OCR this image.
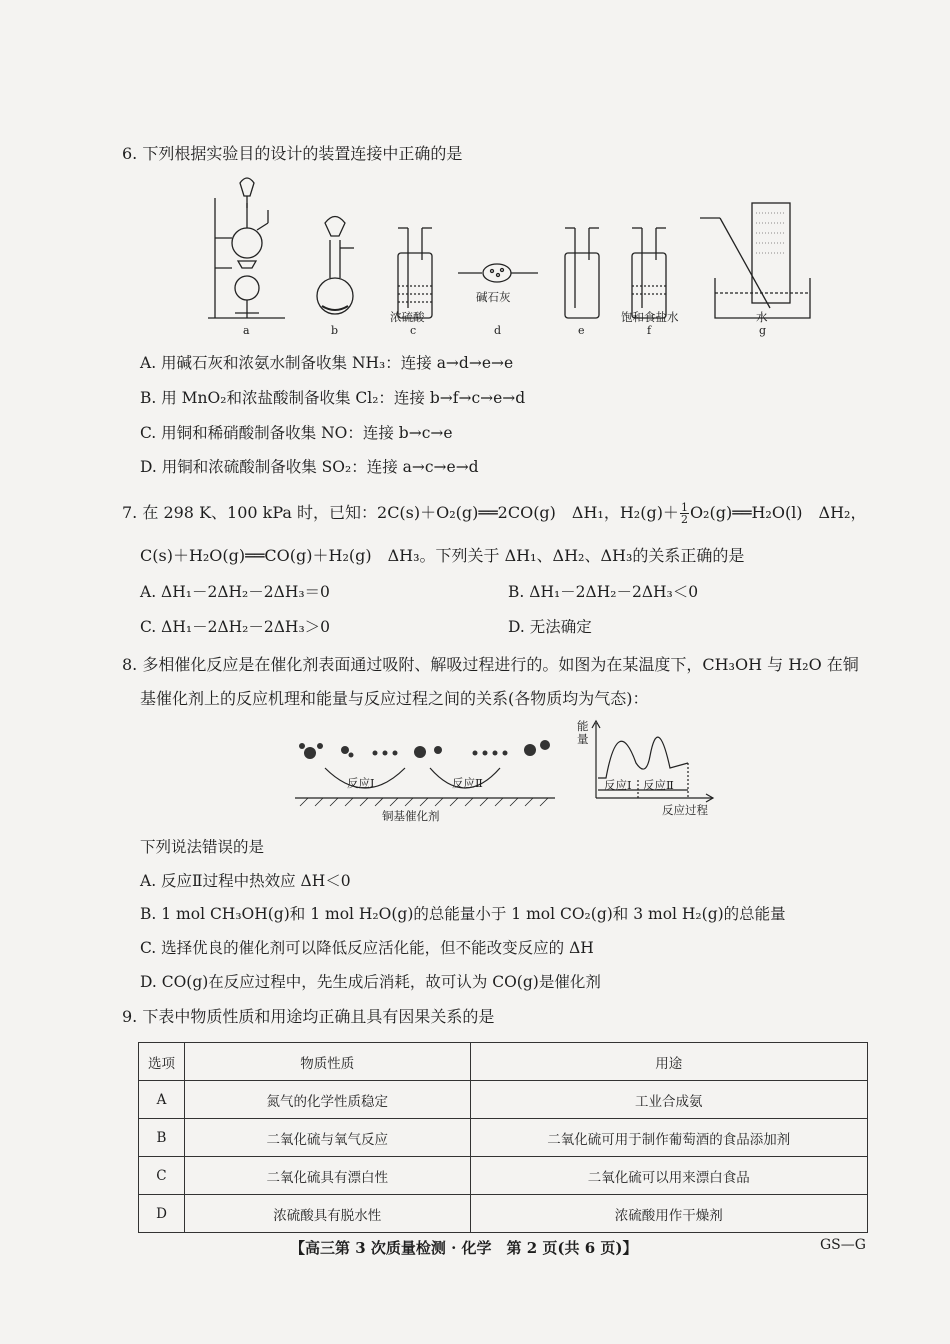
6. 下列根据实验目的设计的装置连接中正确的是
浓硫酸
碱石灰
饱和食盐水	水
a	b	c	d	e	f	g
A. 用碱石灰和浓氨水制备收集 NH₃：连接 a→d→e→e
B. 用 MnO₂和浓盐酸制备收集 Cl₂：连接 b→f→c→e→d
C. 用铜和稀硝酸制备收集 NO：连接 b→c→e
D. 用铜和浓硫酸制备收集 SO₂：连接 a→c→e→d
7. 在 298 K、100 kPa 时，已知：2C(s)＋O₂(g)══2CO(g)　ΔH₁，$H_2(g)+ \frac{1}{2}$ O₂(g)══H₂O(l)　ΔH₂，
C(s)＋H₂O(g)══CO(g)＋H₂(g)　ΔH₃。下列关于 ΔH₁、ΔH₂、ΔH₃的关系正确的是
A. ΔH₁－2ΔH₂－2ΔH₃＝0	B. ΔH₁－2ΔH₂－2ΔH₃＜0
C. ΔH₁－2ΔH₂－2ΔH₃＞0	D. 无法确定
8. 多相催化反应是在催化剂表面通过吸附、解吸过程进行的。如图为在某温度下，CH₃OH 与 H₂O 在铜
基催化剂上的反应机理和能量与反应过程之间的关系(各物质均为气态)：
反应Ⅰ	反应Ⅱ
铜基催化剂
能量
反应Ⅰ 反应Ⅱ
反应过程
下列说法错误的是
A. 反应Ⅱ过程中热效应 ΔH＜0
B. 1 mol CH₃OH(g)和 1 mol H₂O(g)的总能量小于 1 mol CO₂(g)和 3 mol H₂(g)的总能量
C. 选择优良的催化剂可以降低反应活化能，但不能改变反应的 ΔH
D. CO(g)在反应过程中，先生成后消耗，故可认为 CO(g)是催化剂
9. 下表中物质性质和用途均正确且具有因果关系的是
选项	物质性质	用途
A	氮气的化学性质稳定	工业合成氨
B	二氧化硫与氧气反应	二氧化硫可用于制作葡萄酒的食品添加剂
C	二氧化硫具有漂白性	二氧化硫可以用来漂白食品
D	浓硫酸具有脱水性	浓硫酸用作干燥剂
【高三第 3 次质量检测 · 化学　第 2 页(共 6 页)】	GS—G
